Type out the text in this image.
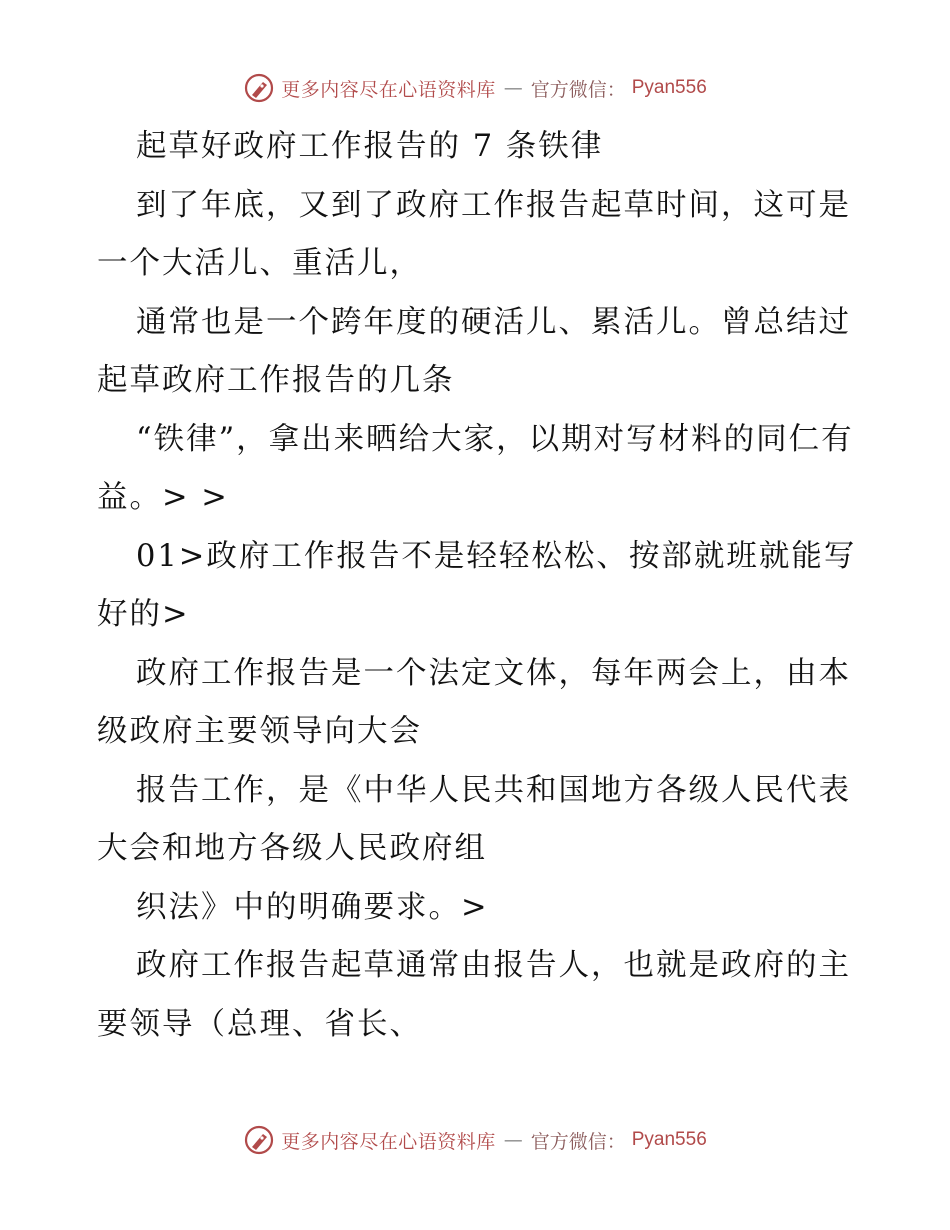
更多内容尽在心语资料库 — 官方微信： Pyan556

起草好政府工作报告的 7 条铁律

到了年底，又到了政府工作报告起草时间，这可是一个大活儿、重活儿，

通常也是一个跨年度的硬活儿、累活儿。曾总结过起草政府工作报告的几条

“铁律”，拿出来晒给大家，以期对写材料的同仁有益。> >

01>政府工作报告不是轻轻松松、按部就班就能写好的>

政府工作报告是一个法定文体，每年两会上，由本级政府主要领导向大会

报告工作，是《中华人民共和国地方各级人民代表大会和地方各级人民政府组

织法》中的明确要求。>

政府工作报告起草通常由报告人，也就是政府的主要领导（总理、省长、

更多内容尽在心语资料库 — 官方微信： Pyan556
